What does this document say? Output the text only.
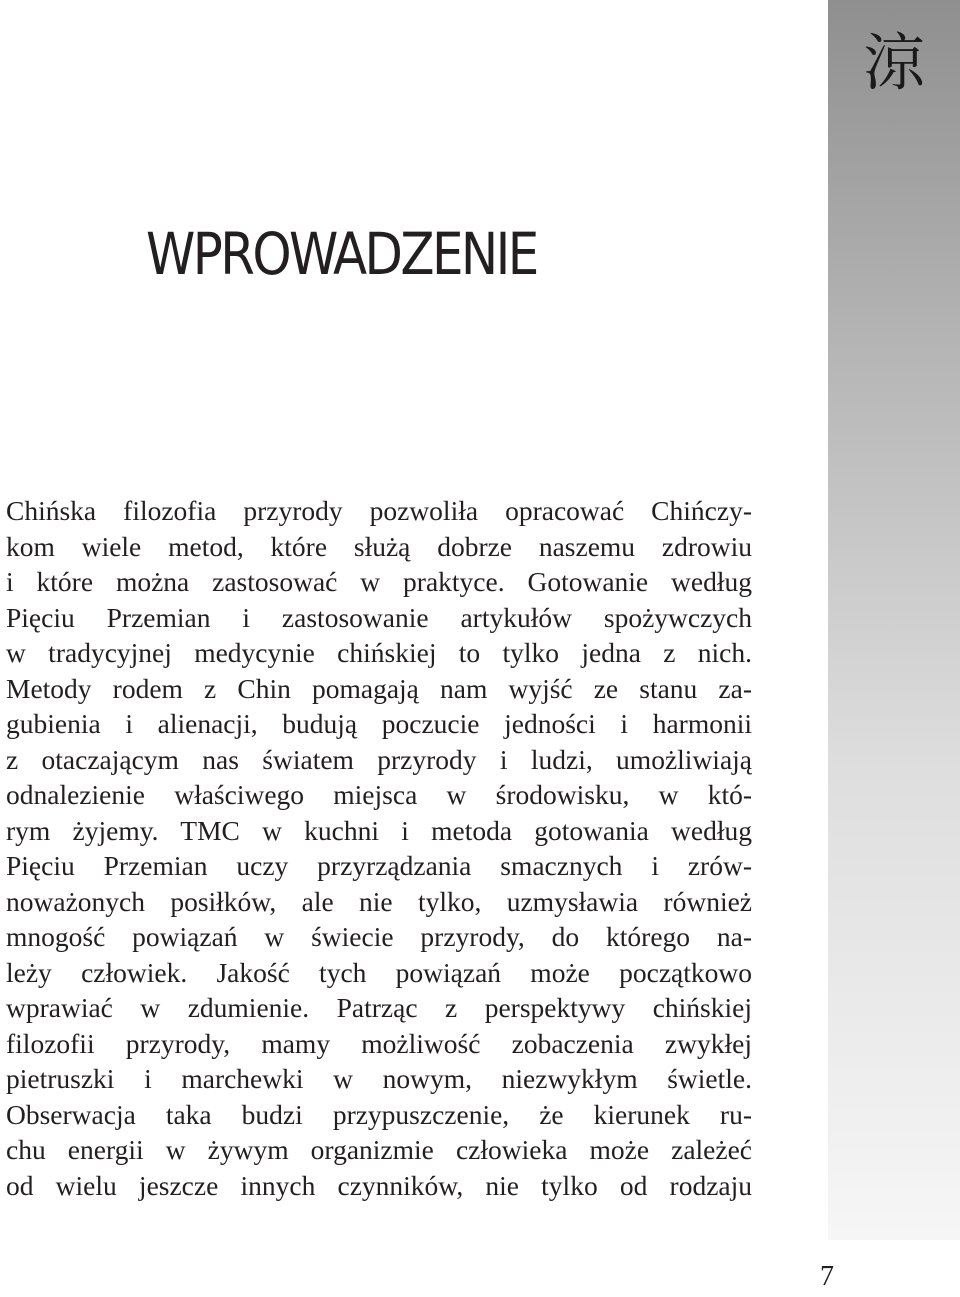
涼
WPROWADZENIE
Chińska filozofia przyrody pozwoliła opracować Chińczy-
kom wiele metod, które służą dobrze naszemu zdrowiu
i które można zastosować w praktyce. Gotowanie według
Pięciu Przemian i zastosowanie artykułów spożywczych
w tradycyjnej medycynie chińskiej to tylko jedna z nich.
Metody rodem z Chin pomagają nam wyjść ze stanu za-
gubienia i alienacji, budują poczucie jedności i harmonii
z otaczającym nas światem przyrody i ludzi, umożliwiają
odnalezienie właściwego miejsca w środowisku, w któ-
rym żyjemy. TMC w kuchni i metoda gotowania według
Pięciu Przemian uczy przyrządzania smacznych i zrów-
noważonych posiłków, ale nie tylko, uzmysławia również
mnogość powiązań w świecie przyrody, do którego na-
leży człowiek. Jakość tych powiązań może początkowo
wprawiać w zdumienie. Patrząc z perspektywy chińskiej
filozofii przyrody, mamy możliwość zobaczenia zwykłej
pietruszki i marchewki w nowym, niezwykłym świetle.
Obserwacja taka budzi przypuszczenie, że kierunek ru-
chu energii w żywym organizmie człowieka może zależeć
od wielu jeszcze innych czynników, nie tylko od rodzaju
7
